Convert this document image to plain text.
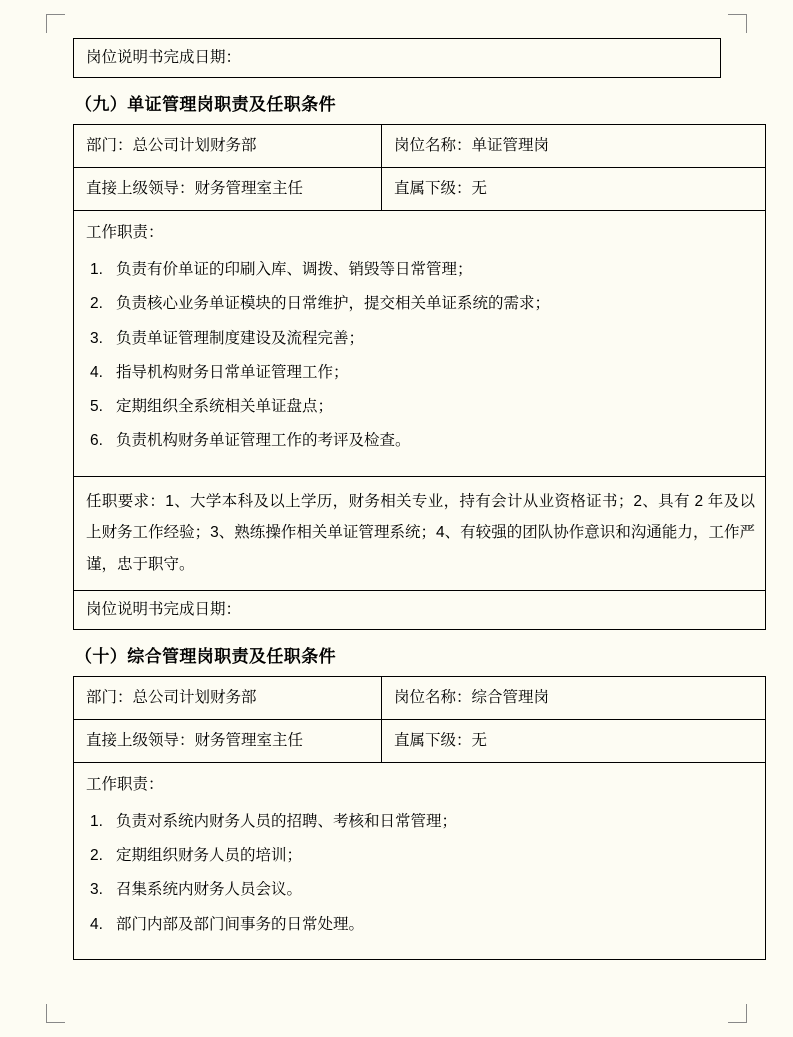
岗位说明书完成日期：
（九）单证管理岗职责及任职条件
部门：总公司计划财务部	岗位名称：单证管理岗
直接上级领导：财务管理室主任	直属下级：无

工作职责：
负责有价单证的印刷入库、调拨、销毁等日常管理；
负责核心业务单证模块的日常维护，提交相关单证系统的需求；
负责单证管理制度建设及流程完善；
指导机构财务日常单证管理工作；
定期组织全系统相关单证盘点；
负责机构财务单证管理工作的考评及检查。

任职要求：1、大学本科及以上学历，财务相关专业，持有会计从业资格证书；2、具有 2 年及以上财务工作经验；3、熟练操作相关单证管理系统；4、有较强的团队协作意识和沟通能力，工作严谨，忠于职守。	

岗位说明书完成日期：	
（十）综合管理岗职责及任职条件
部门：总公司计划财务部	岗位名称：综合管理岗
直接上级领导：财务管理室主任	直属下级：无

工作职责：
负责对系统内财务人员的招聘、考核和日常管理；
定期组织财务人员的培训；
召集系统内财务人员会议。
部门内部及部门间事务的日常处理。
